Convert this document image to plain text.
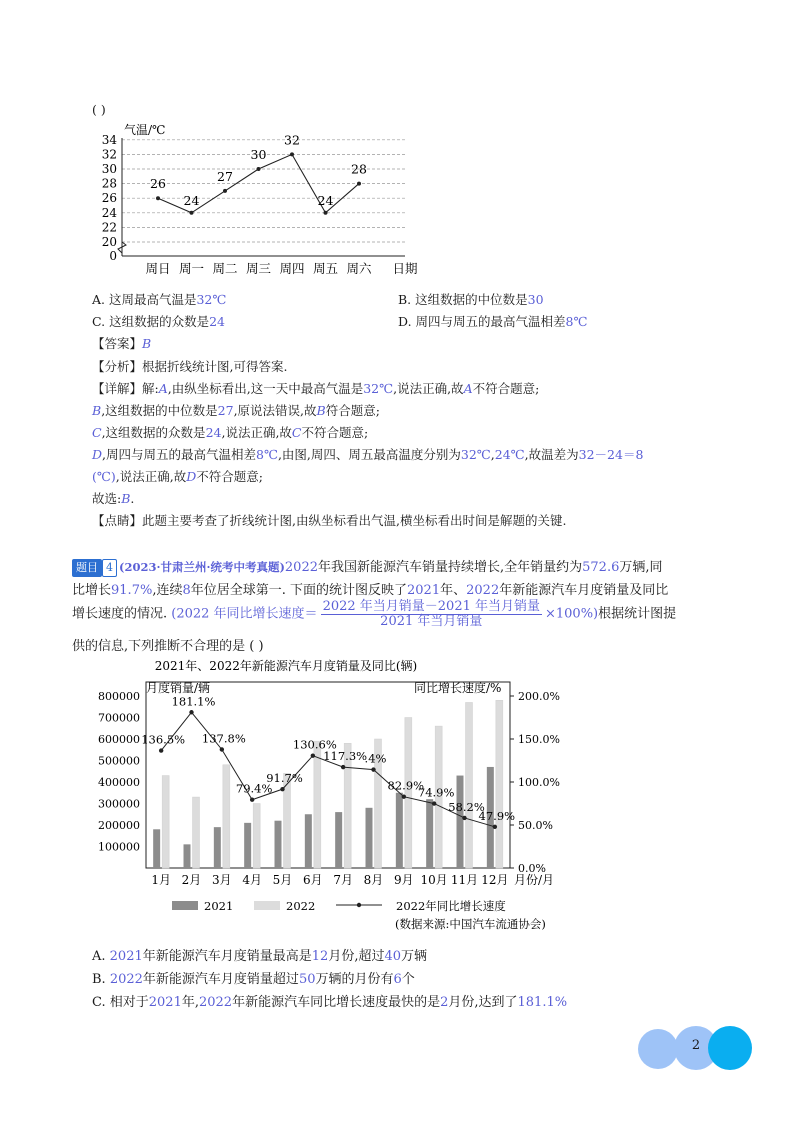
( )
气温/℃
34
32
30
28
26
24
22
20
0
周日 周一 周二 周三 周四 周五 周六 日期
26
24
27
30
32
24
28
A. 这周最高气温是32℃	B. 这组数据的中位数是30
C. 这组数据的众数是24	D. 周四与周五的最高气温相差8℃
【答案】B
【分析】根据折线统计图,可得答案.
【详解】解:A,由纵坐标看出,这一天中最高气温是32℃,说法正确,故A不符合题意;
B,这组数据的中位数是27,原说法错误,故B符合题意;
C,这组数据的众数是24,说法正确,故C不符合题意;
D,周四与周五的最高气温相差8℃,由图,周四、周五最高温度分别为32℃,24℃,故温差为32－24＝8
(℃),说法正确,故D不符合题意;
故选:B.
【点睛】此题主要考查了折线统计图,由纵坐标看出气温,横坐标看出时间是解题的关键.
题目 4 (2023·甘肃兰州·统考中考真题)2022年我国新能源汽车销量持续增长,全年销量约为572.6万辆,同
比增长91.7%,连续8年位居全球第一. 下面的统计图反映了2021年、2022年新能源汽车月度销量及同比
增长速度的情况. (2022 年同比增长速度＝ $\frac{\text{2022 年当月销量－2021 年当月销量}}{\text{2021 年当月销量}} \times 100\%$)根据统计图提
供的信息,下列推断不合理的是 ( )
2021年、2022年新能源汽车月度销量及同比(辆)
月度销量/辆	同比增长速度/%
800000
700000
600000
500000
400000
300000
200000
100000
200.0%
150.0%
100.0%
50.0%
0.0%
1月 2月 3月 4月 5月 6月 7月 8月 9月 10月 11月 12月 月份/月
136.5%
181.1%
137.8%
79.4%
91.7%
130.6%
117.3%
.4%
82.9%
74.9%
58.2%
47.9%
2021	2022	2022年同比增长速度
(数据来源:中国汽车流通协会)
A. 2021年新能源汽车月度销量最高是12月份,超过40万辆
B. 2022年新能源汽车月度销量超过50万辆的月份有6个
C. 相对于2021年,2022年新能源汽车同比增长速度最快的是2月份,达到了181.1%
2
